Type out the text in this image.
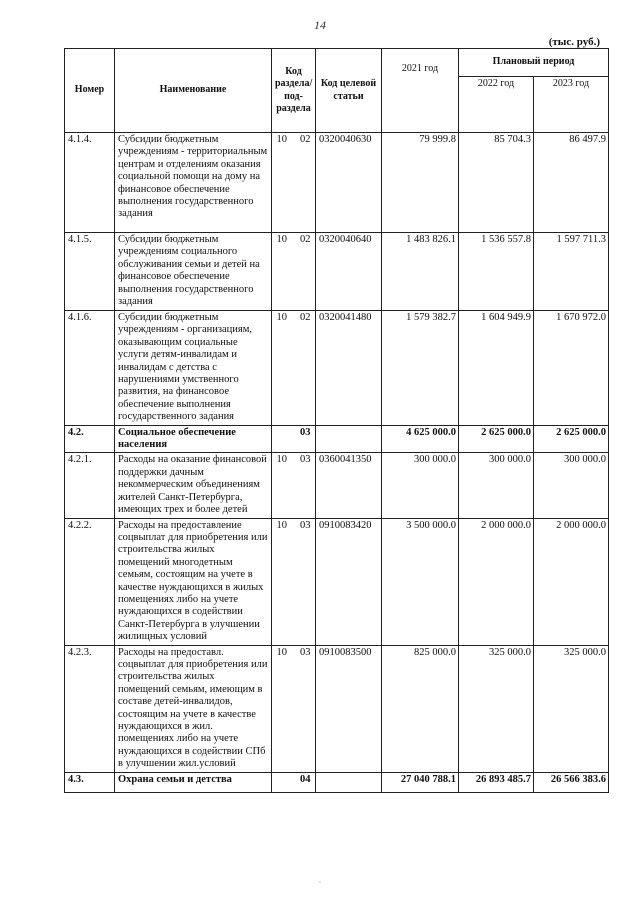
14
(тыс. руб.)
Номер	Наименование	Код раздела/ под- раздела	Код целевой статьи	2021 год	Плановый период	
					2022 год	2023 год
4.1.4.	Субсидии бюджетным учреждениям - территориальным центрам и отделениям оказания социальной помощи на дому на финансовое обеспечение выполнения государственного задания	10 02	0320040630	79 999.8	85 704.3	86 497.9
4.1.5.	Субсидии бюджетным учреждениям социального обслуживания семьи и детей на финансовое обеспечение выполнения государственного задания	10 02	0320040640	1 483 826.1	1 536 557.8	1 597 711.3
4.1.6.	Субсидии бюджетным учреждениям - организациям, оказывающим социальные услуги детям-инвалидам и инвалидам с детства с нарушениями умственного развития, на финансовое обеспечение выполнения государственного задания	10 02	0320041480	1 579 382.7	1 604 949.9	1 670 972.0
4.2.	Социальное обеспечение населения	03		4 625 000.0	2 625 000.0	2 625 000.0
4.2.1.	Расходы на оказание финансовой поддержки дачным некоммерческим объединениям жителей Санкт-Петербурга, имеющих трех и более детей	10 03	0360041350	300 000.0	300 000.0	300 000.0
4.2.2.	Расходы на предоставление соцвыплат для приобретения или строительства жилых помещений многодетным семьям, состоящим на учете в качестве нуждающихся в жилых помещениях либо на учете нуждающихся в содействии Санкт-Петербурга в улучшении жилищных условий	10 03	0910083420	3 500 000.0	2 000 000.0	2 000 000.0
4.2.3.	Расходы на предоставл. соцвыплат для приобретения или строительства жилых помещений семьям, имеющим в составе детей-инвалидов, состоящим на учете в качестве нуждающихся в жил. помещениях либо на учете нуждающихся в содействии СПб в улучшении жил.условий	10 03	0910083500	825 000.0	325 000.0	325 000.0
4.3.	Охрана семьи и детства	04		27 040 788.1	26 893 485.7	26 566 383.6
·
